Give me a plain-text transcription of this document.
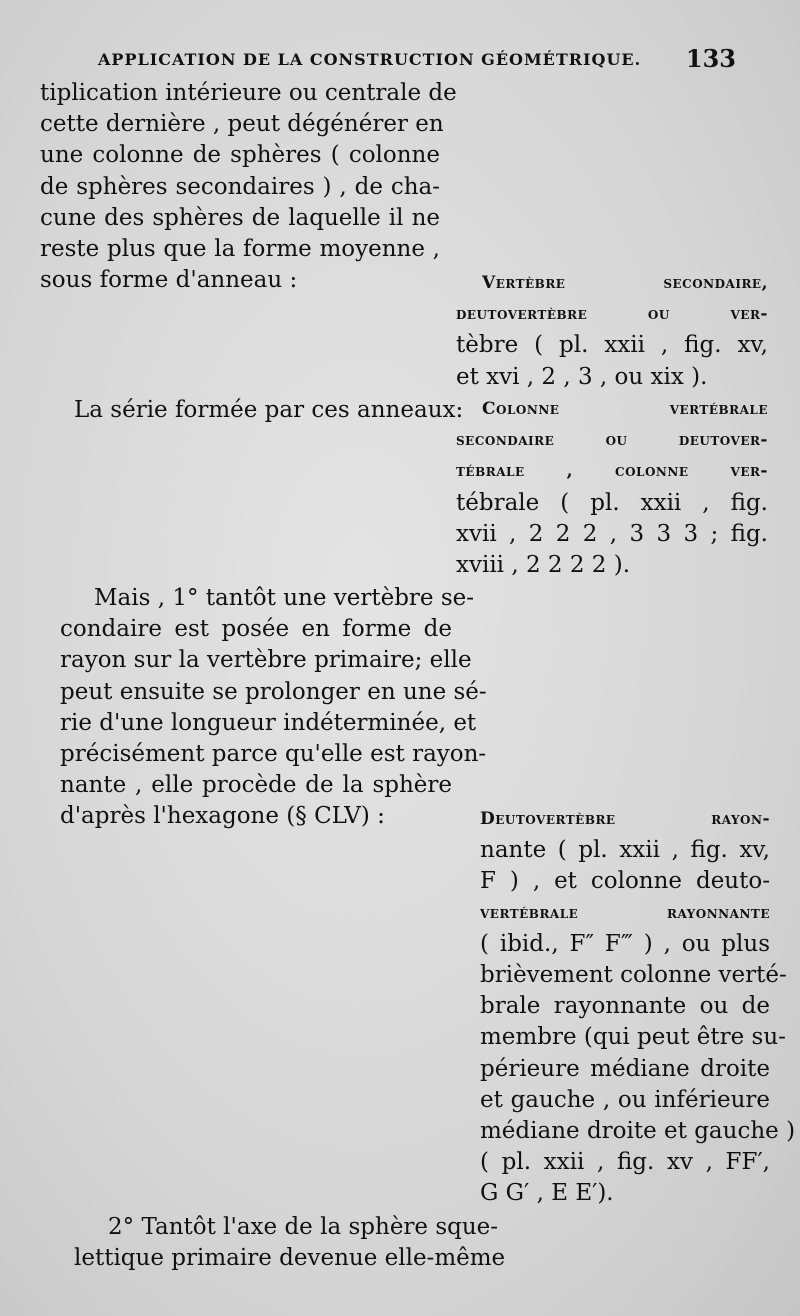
APPLICATION DE LA CONSTRUCTION GÉOMÉTRIQUE. 133
tiplication intérieure ou centrale de
cette dernière , peut dégénérer en
une colonne de sphères ( colonne
de sphères secondaires ) , de cha-
cune des sphères de laquelle il ne
reste plus que la forme moyenne ,
sous forme d'anneau :
La série formée par ces anneaux:
Mais , 1° tantôt une vertèbre se-
condaire est posée en forme de
rayon sur la vertèbre primaire; elle
peut ensuite se prolonger en une sé-
rie d'une longueur indéterminée, et
précisément parce qu'elle est rayon-
nante , elle procède de la sphère
d'après l'hexagone (§ CLV) :
2° Tantôt l'axe de la sphère sque-
lettique primaire devenue elle-même
Vertèbre secondaire,
deutovertèbre ou ver-
tèbre ( pl. xxii , fig. xv,
et xvi , 2 , 3 , ou xix ).
Colonne vertébrale
secondaire ou deutover-
tébrale , colonne ver-
tébrale ( pl. xxii , fig.
xvii , 2 2 2 , 3 3 3 ; fig.
xviii , 2 2 2 2 ).
Deutovertèbre rayon-
nante ( pl. xxii , fig. xv,
F ) , et colonne deuto-
vertébrale rayonnante
( ibid., F″ F‴ ) , ou plus
brièvement colonne verté-
brale rayonnante ou de
membre (qui peut être su-
périeure médiane droite
et gauche , ou inférieure
médiane droite et gauche )
( pl. xxii , fig. xv , FF′,
G G′ , E E′).
